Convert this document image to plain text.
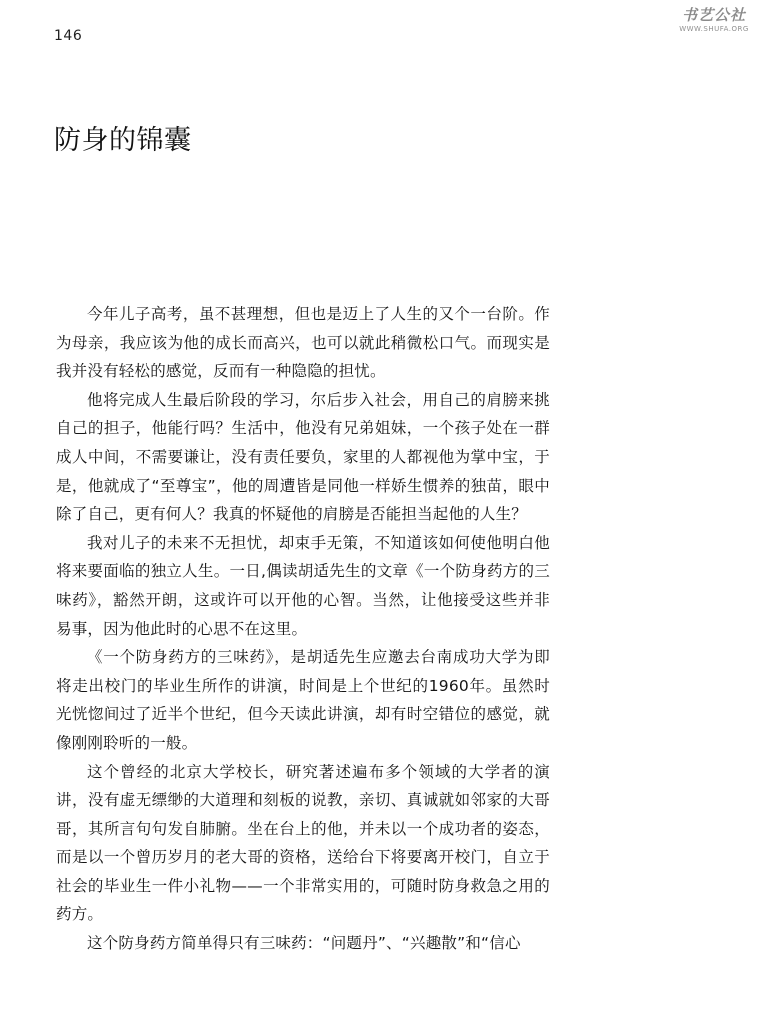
146
书艺公社
WWW.SHUFA.ORG
防身的锦囊

今年儿子高考，虽不甚理想，但也是迈上了人生的又个一台阶。作为母亲，我应该为他的成长而高兴，也可以就此稍微松口气。而现实是我并没有轻松的感觉，反而有一种隐隐的担忧。

他将完成人生最后阶段的学习，尔后步入社会，用自己的肩膀来挑自己的担子，他能行吗？生活中，他没有兄弟姐妹，一个孩子处在一群成人中间，不需要谦让，没有责任要负，家里的人都视他为掌中宝，于是，他就成了“至尊宝”，他的周遭皆是同他一样娇生惯养的独苗，眼中除了自己，更有何人？我真的怀疑他的肩膀是否能担当起他的人生？

我对儿子的未来不无担忧，却束手无策，不知道该如何使他明白他将来要面临的独立人生。一日,偶读胡适先生的文章《一个防身药方的三味药》，豁然开朗，这或许可以开他的心智。当然，让他接受这些并非易事，因为他此时的心思不在这里。

《一个防身药方的三味药》，是胡适先生应邀去台南成功大学为即将走出校门的毕业生所作的讲演，时间是上个世纪的1960年。虽然时光恍惚间过了近半个世纪，但今天读此讲演，却有时空错位的感觉，就像刚刚聆听的一般。

这个曾经的北京大学校长，研究著述遍布多个领域的大学者的演讲，没有虚无缥缈的大道理和刻板的说教，亲切、真诚就如邻家的大哥哥，其所言句句发自肺腑。坐在台上的他，并未以一个成功者的姿态，而是以一个曾历岁月的老大哥的资格，送给台下将要离开校门，自立于社会的毕业生一件小礼物——一个非常实用的，可随时防身救急之用的药方。

这个防身药方简单得只有三味药：“问题丹”、“兴趣散”和“信心
